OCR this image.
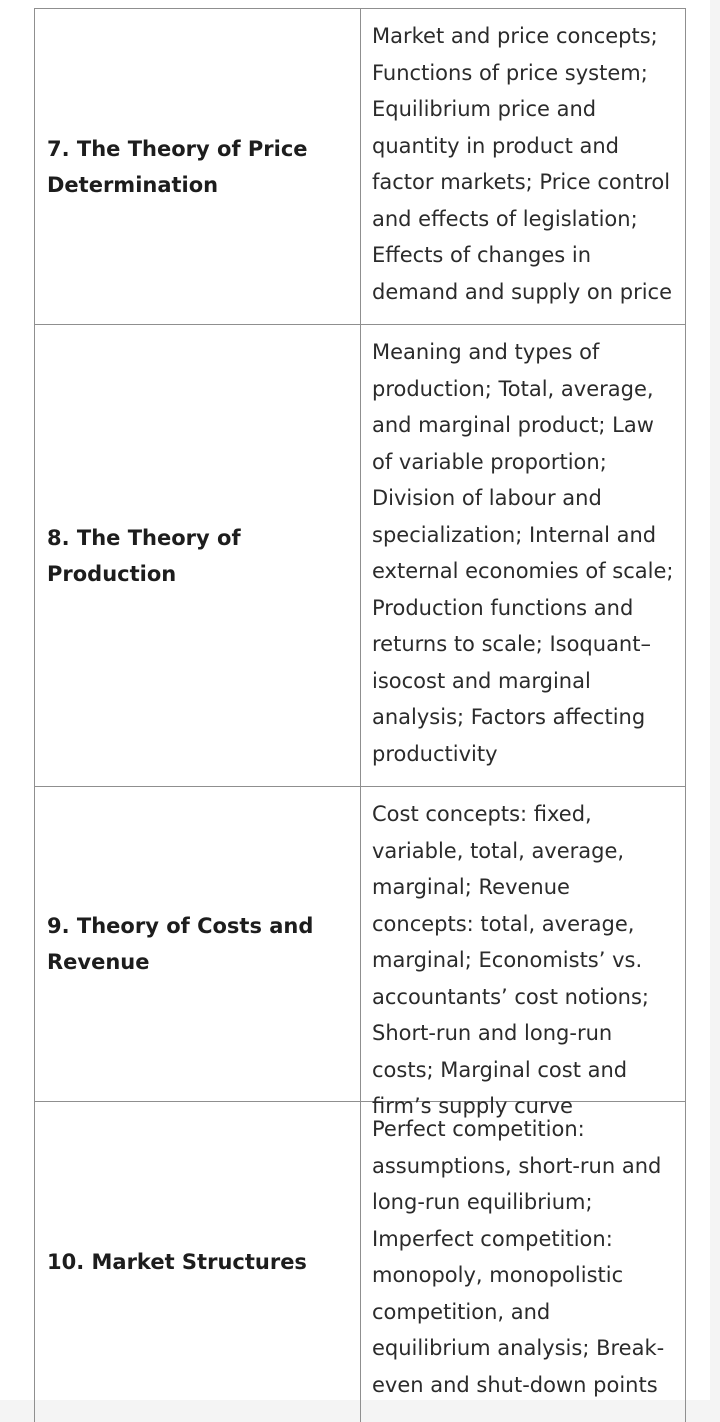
7. The Theory of Price Determination
Market and price concepts; Functions of price system; Equilibrium price and quantity in product and factor markets; Price control and effects of legislation; Effects of changes in demand and supply on price
8. The Theory of Production
Meaning and types of production; Total, average, and marginal product; Law of variable proportion; Division of labour and specialization; Internal and external economies of scale; Production functions and returns to scale; Isoquant–isocost and marginal analysis; Factors affecting productivity
9. Theory of Costs and Revenue
Cost concepts: fixed, variable, total, average, marginal; Revenue concepts: total, average, marginal; Economists’ vs. accountants’ cost notions; Short-run and long-run costs; Marginal cost and firm’s supply curve
10. Market Structures
Perfect competition: assumptions, short-run and long-run equilibrium; Imperfect competition: monopoly, monopolistic competition, and equilibrium analysis; Break-even and shut-down points
